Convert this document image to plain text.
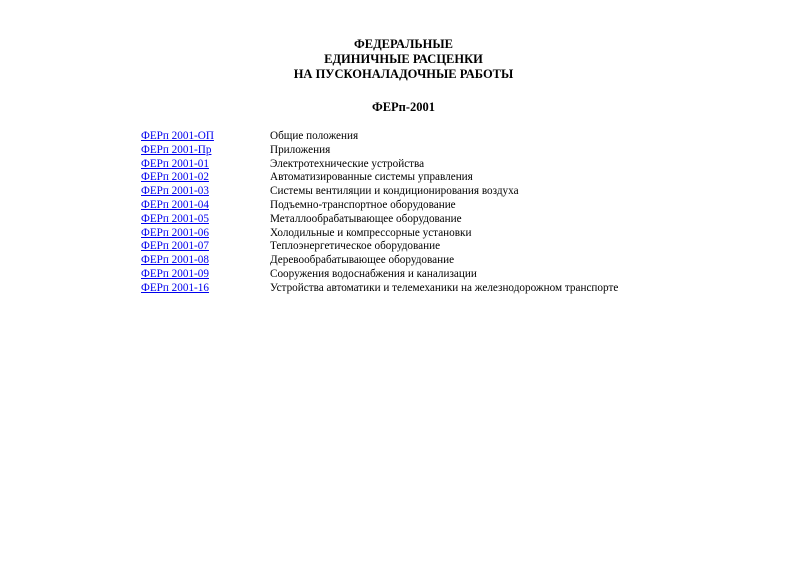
ФЕДЕРАЛЬНЫЕ
ЕДИНИЧНЫЕ РАСЦЕНКИ
НА ПУСКОНАЛАДОЧНЫЕ РАБОТЫ
ФЕРп-2001
ФЕРп 2001-ОП	Общие положения
ФЕРп 2001-Пр	Приложения
ФЕРп 2001-01	Электротехнические устройства
ФЕРп 2001-02	Автоматизированные системы управления
ФЕРп 2001-03	Системы вентиляции и кондиционирования воздуха
ФЕРп 2001-04	Подъемно-транспортное оборудование
ФЕРп 2001-05	Металлообрабатывающее оборудование
ФЕРп 2001-06	Холодильные и компрессорные установки
ФЕРп 2001-07	Теплоэнергетическое оборудование
ФЕРп 2001-08	Деревообрабатывающее оборудование
ФЕРп 2001-09	Сооружения водоснабжения и канализации
ФЕРп 2001-16	Устройства автоматики и телемеханики на железнодорожном транспорте
